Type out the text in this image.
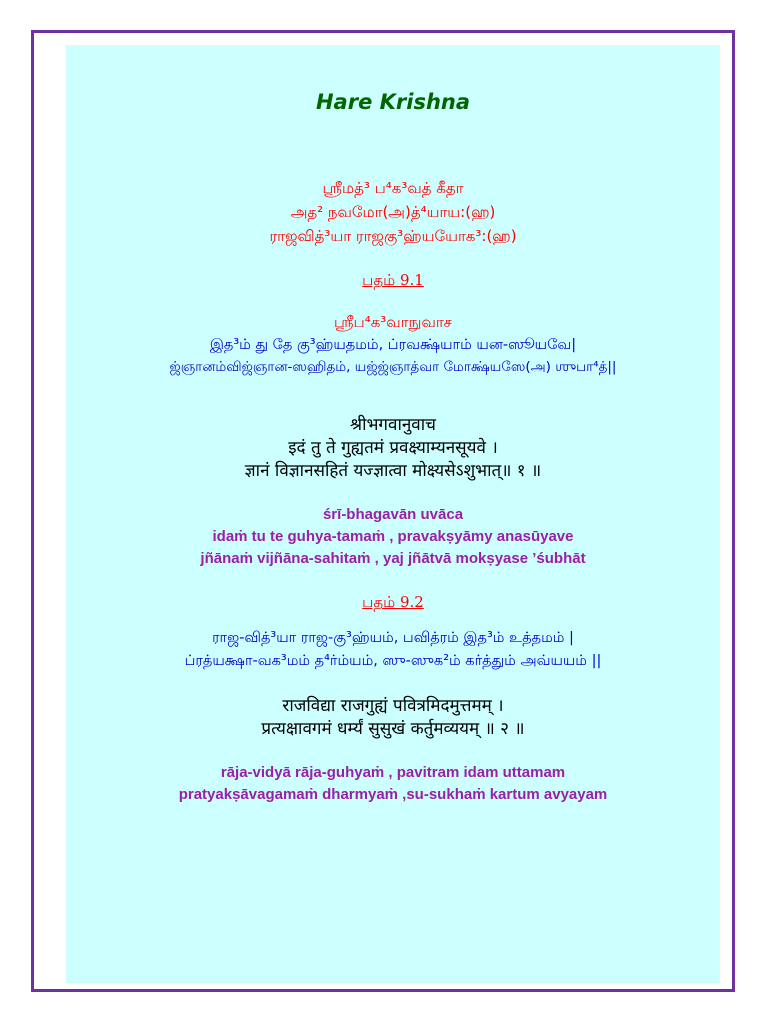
Hare Krishna

ஶ்ரீமத்³ ப⁴க³வத் கீதா

அத² நவமோ(அ)த்⁴யாய:(ஹ)

ராஜவித்³யா ராஜகு³ஹ்யயோக³:(ஹ)

பதம் 9.1

ஶ்ரீப⁴க³வாநுவாச

இத³ம் து தே கு³ஹ்யதமம், ப்ரவக்ஷ்யாம் யன-ஸூயவே|

ஜ்ஞானம்விஜ்ஞான-ஸஹிதம், யஜ்ஜ்ஞாத்வா மோக்ஷ்யஸே(அ) ஶுபா⁴த்||

श्रीभगवानुवाच

इदं तु ते गुह्यतमं प्रवक्ष्याम्यनसूयवे ।

ज्ञानं विज्ञानसहितं यज्ज्ञात्वा मोक्ष्यसेऽशुभात्॥ १ ॥

śrī-bhagavān uvāca

idaṁ tu te guhya-tamaṁ , pravakṣyāmy anasūyave

jñānaṁ vijñāna-sahitaṁ , yaj jñātvā mokṣyase ’śubhāt

பதம் 9.2

ராஜ-வித்³யா ராஜ-கு³ஹ்யம், பவித்ரம் இத³ம் உத்தமம் |

ப்ரத்யக்ஷா-வக³மம் த⁴ர்ம்யம், ஸு-ஸுக²ம் கர்த்தும் அவ்யயம் ||

राजविद्या राजगुह्यं पवित्रमिदमुत्तमम् ।

प्रत्यक्षावगमं धर्म्यं सुसुखं कर्तुमव्ययम् ॥ २ ॥

rāja-vidyā rāja-guhyaṁ , pavitram idam uttamam

pratyakṣāvagamaṁ dharmyaṁ ,su-sukhaṁ kartum avyayam
